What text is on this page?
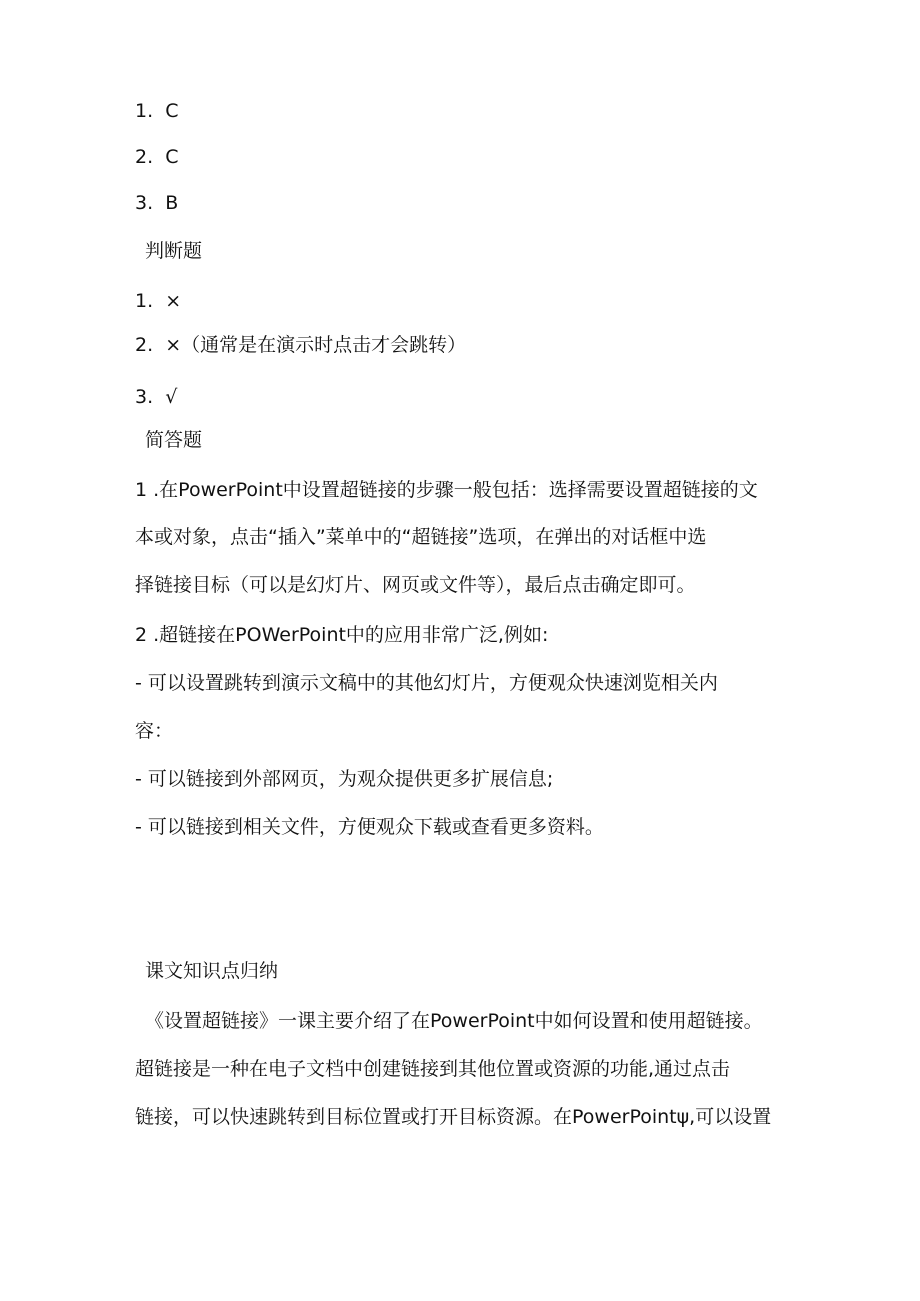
1. C
2. C
3. B
判断题
1. ×
2. ×（通常是在演示时点击才会跳转）
3. √
简答题
1 .在PowerPoint中设置超链接的步骤一般包括：选择需要设置超链接的文
本或对象，点击“插入”菜单中的“超链接”选项，在弹出的对话框中选
择链接目标（可以是幻灯片、网页或文件等），最后点击确定即可。
2 .超链接在POWerPoint中的应用非常广泛,例如:
- 可以设置跳转到演示文稿中的其他幻灯片，方便观众快速浏览相关内
容：
- 可以链接到外部网页，为观众提供更多扩展信息;
- 可以链接到相关文件，方便观众下载或查看更多资料。
课文知识点归纳
《设置超链接》一课主要介绍了在PowerPoint中如何设置和使用超链接。
超链接是一种在电子文档中创建链接到其他位置或资源的功能,通过点击
链接，可以快速跳转到目标位置或打开目标资源。在PowerPointψ,可以设置
